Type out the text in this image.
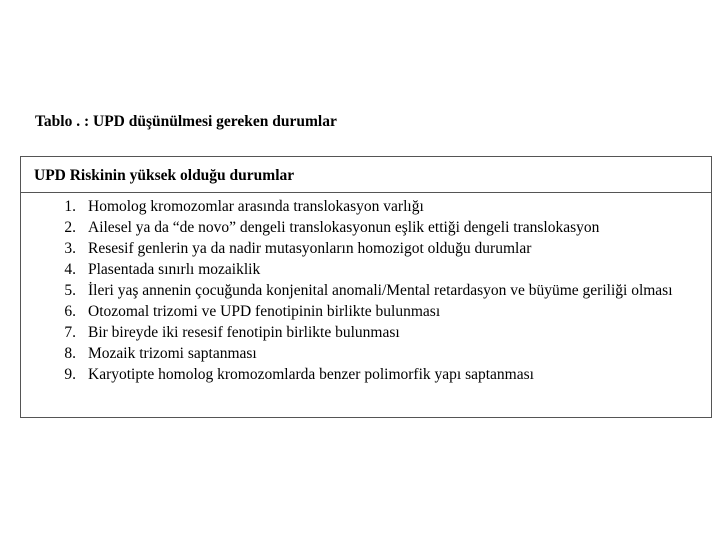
Tablo . : UPD düşünülmesi gereken durumlar
UPD Riskinin yüksek olduğu durumlar
1. Homolog kromozomlar arasında translokasyon varlığı
2. Ailesel ya da “de novo” dengeli translokasyonun eşlik ettiği dengeli translokasyon
3. Resesif genlerin ya da nadir mutasyonların homozigot olduğu durumlar
4. Plasentada sınırlı mozaiklik
5. İleri yaş annenin çocuğunda konjenital anomali/Mental retardasyon ve büyüme geriliği olması
6. Otozomal trizomi ve UPD fenotipinin birlikte bulunması
7. Bir bireyde iki resesif fenotipin birlikte bulunması
8. Mozaik trizomi saptanması
9. Karyotipte homolog kromozomlarda benzer polimorfik yapı saptanması
